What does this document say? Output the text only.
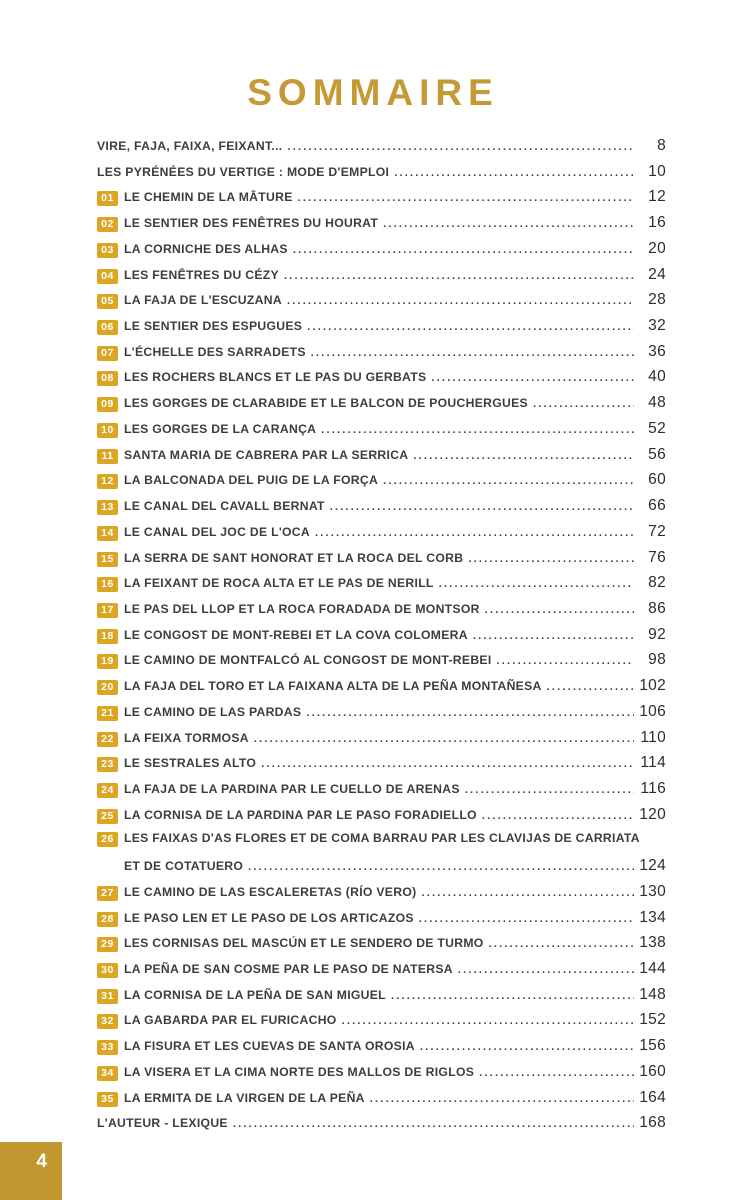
SOMMAIRE
VIRE, FAJA, FAIXA, FEIXANT... .....	8
LES PYRÉNÉES DU VERTIGE : MODE D'EMPLOI .....	10
01 LE CHEMIN DE LA MÂTURE .....	12
02 LE SENTIER DES FENÊTRES DU HOURAT .....	16
03 LA CORNICHE DES ALHAS .....	20
04 LES FENÊTRES DU CÉZY .....	24
05 LA FAJA DE L'ESCUZANA .....	28
06 LE SENTIER DES ESPUGUES .....	32
07 L'ÉCHELLE DES SARRADETS .....	36
08 LES ROCHERS BLANCS ET LE PAS DU GERBATS .....	40
09 LES GORGES DE CLARABIDE ET LE BALCON DE POUCHERGUES .....	48
10 LES GORGES DE LA CARANÇA .....	52
11 SANTA MARIA DE CABRERA PAR LA SERRICA .....	56
12 LA BALCONADA DEL PUIG DE LA FORÇA .....	60
13 LE CANAL DEL CAVALL BERNAT .....	66
14 LE CANAL DEL JOC DE L'OCA .....	72
15 LA SERRA DE SANT HONORAT ET LA ROCA DEL CORB .....	76
16 LA FEIXANT DE ROCA ALTA ET LE PAS DE NERILL .....	82
17 LE PAS DEL LLOP ET LA ROCA FORADADA DE MONTSOR .....	86
18 LE CONGOST DE MONT-REBEI ET LA COVA COLOMERA .....	92
19 LE CAMINO DE MONTFALCÓ AL CONGOST DE MONT-REBEI .....	98
20 LA FAJA DEL TORO ET LA FAIXANA ALTA DE LA PEÑA MONTAÑESA .....	102
21 LE CAMINO DE LAS PARDAS .....	106
22 LA FEIXA TORMOSA .....	110
23 LE SESTRALES ALTO .....	114
24 LA FAJA DE LA PARDINA PAR LE CUELLO DE ARENAS .....	116
25 LA CORNISA DE LA PARDINA PAR LE PASO FORADIELLO .....	120
26 LES FAIXAS D'AS FLORES ET DE COMA BARRAU PAR LES CLAVIJAS DE CARRIATA
ET DE COTATUERO .....	124
27 LE CAMINO DE LAS ESCALERETAS (RÍO VERO) .....	130
28 LE PASO LEN ET LE PASO DE LOS ARTICAZOS .....	134
29 LES CORNISAS DEL MASCÚN ET LE SENDERO DE TURMO .....	138
30 LA PEÑA DE SAN COSME PAR LE PASO DE NATERSA .....	144
31 LA CORNISA DE LA PEÑA DE SAN MIGUEL .....	148
32 LA GABARDA PAR EL FURICACHO .....	152
33 LA FISURA ET LES CUEVAS DE SANTA OROSIA .....	156
34 LA VISERA ET LA CIMA NORTE DES MALLOS DE RIGLOS .....	160
35 LA ERMITA DE LA VIRGEN DE LA PEÑA .....	164
L'AUTEUR - LEXIQUE .....	168
4
